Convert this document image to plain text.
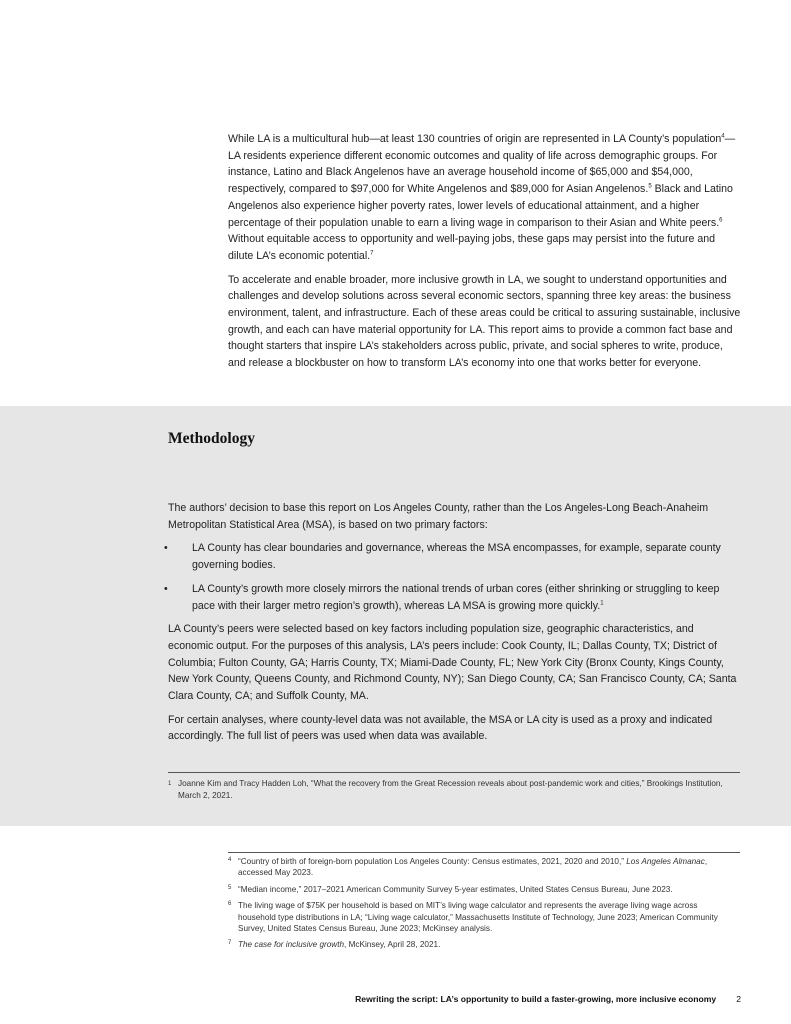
While LA is a multicultural hub—at least 130 countries of origin are represented in LA County’s population$^4$—LA residents experience different economic outcomes and quality of life across demographic groups. For instance, Latino and Black Angelenos have an average household income of $65,000 and $54,000, respectively, compared to $97,000 for White Angelenos and $89,000 for Asian Angelenos.$^5$ Black and Latino Angelenos also experience higher poverty rates, lower levels of educational attainment, and a higher percentage of their population unable to earn a living wage in comparison to their Asian and White peers.$^6$ Without equitable access to opportunity and well-paying jobs, these gaps may persist into the future and dilute LA’s economic potential.$^7$

To accelerate and enable broader, more inclusive growth in LA, we sought to understand opportunities and challenges and develop solutions across several economic sectors, spanning three key areas: the business environment, talent, and infrastructure. Each of these areas could be critical to assuring sustainable, inclusive growth, and each can have material opportunity for LA. This report aims to provide a common fact base and thought starters that inspire LA’s stakeholders across public, private, and social spheres to write, produce, and release a blockbuster on how to transform LA’s economy into one that works better for everyone.

Methodology

The authors’ decision to base this report on Los Angeles County, rather than the Los Angeles-Long Beach-Anaheim Metropolitan Statistical Area (MSA), is based on two primary factors:

• LA County has clear boundaries and governance, whereas the MSA encompasses, for example, separate county governing bodies.
• LA County’s growth more closely mirrors the national trends of urban cores (either shrinking or struggling to keep pace with their larger metro region’s growth), whereas LA MSA is growing more quickly.$^1$

LA County’s peers were selected based on key factors including population size, geographic characteristics, and economic output. For the purposes of this analysis, LA’s peers include: Cook County, IL; Dallas County, TX; District of Columbia; Fulton County, GA; Harris County, TX; Miami-Dade County, FL; New York City (Bronx County, Kings County, New York County, Queens County, and Richmond County, NY); San Diego County, CA; San Francisco County, CA; Santa Clara County, CA; and Suffolk County, MA.

For certain analyses, where county-level data was not available, the MSA or LA city is used as a proxy and indicated accordingly. The full list of peers was used when data was available.

1 Joanne Kim and Tracy Hadden Loh, “What the recovery from the Great Recession reveals about post-pandemic work and cities,” Brookings Institution, March 2, 2021.
4 “Country of birth of foreign-born population Los Angeles County: Census estimates, 2021, 2020 and 2010,” Los Angeles Almanac, accessed May 2023.
5 “Median income,” 2017–2021 American Community Survey 5-year estimates, United States Census Bureau, June 2023.
6 The living wage of $75K per household is based on MIT’s living wage calculator and represents the average living wage across household type distributions in LA; “Living wage calculator,” Massachusetts Institute of Technology, June 2023; American Community Survey, United States Census Bureau, June 2023; McKinsey analysis.
7 The case for inclusive growth, McKinsey, April 28, 2021.
Rewriting the script: LA’s opportunity to build a faster-growing, more inclusive economy 2
